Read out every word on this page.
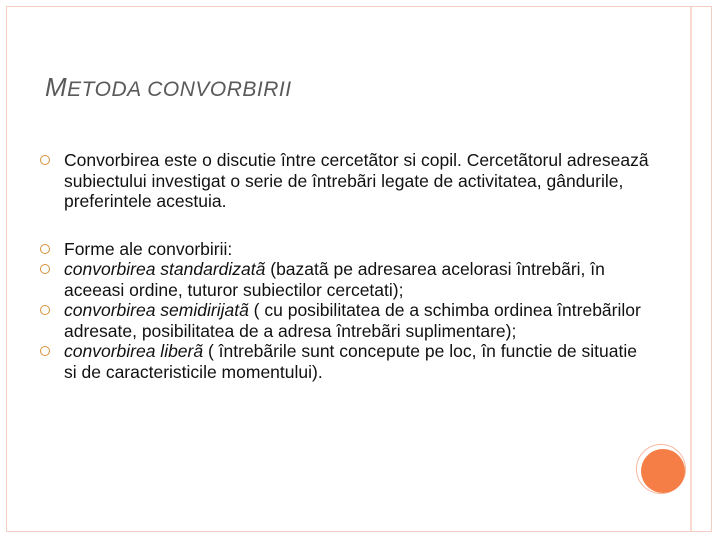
METODA CONVORBIRII
Convorbirea este o discutie între cercetãtor si copil. Cercetãtorul adreseazã subiectului investigat o serie de întrebãri legate de activitatea, gândurile, preferintele acestuia.
Forme ale convorbirii:
convorbirea standardizatã (bazatã pe adresarea acelorasi întrebãri, în aceeasi ordine, tuturor subiectilor cercetati);
convorbirea semidirijatã ( cu posibilitatea de a schimba ordinea întrebãrilor adresate, posibilitatea de a adresa întrebãri suplimentare);
convorbirea liberã ( întrebãrile sunt concepute pe loc, în functie de situatie si de caracteristicile momentului).
